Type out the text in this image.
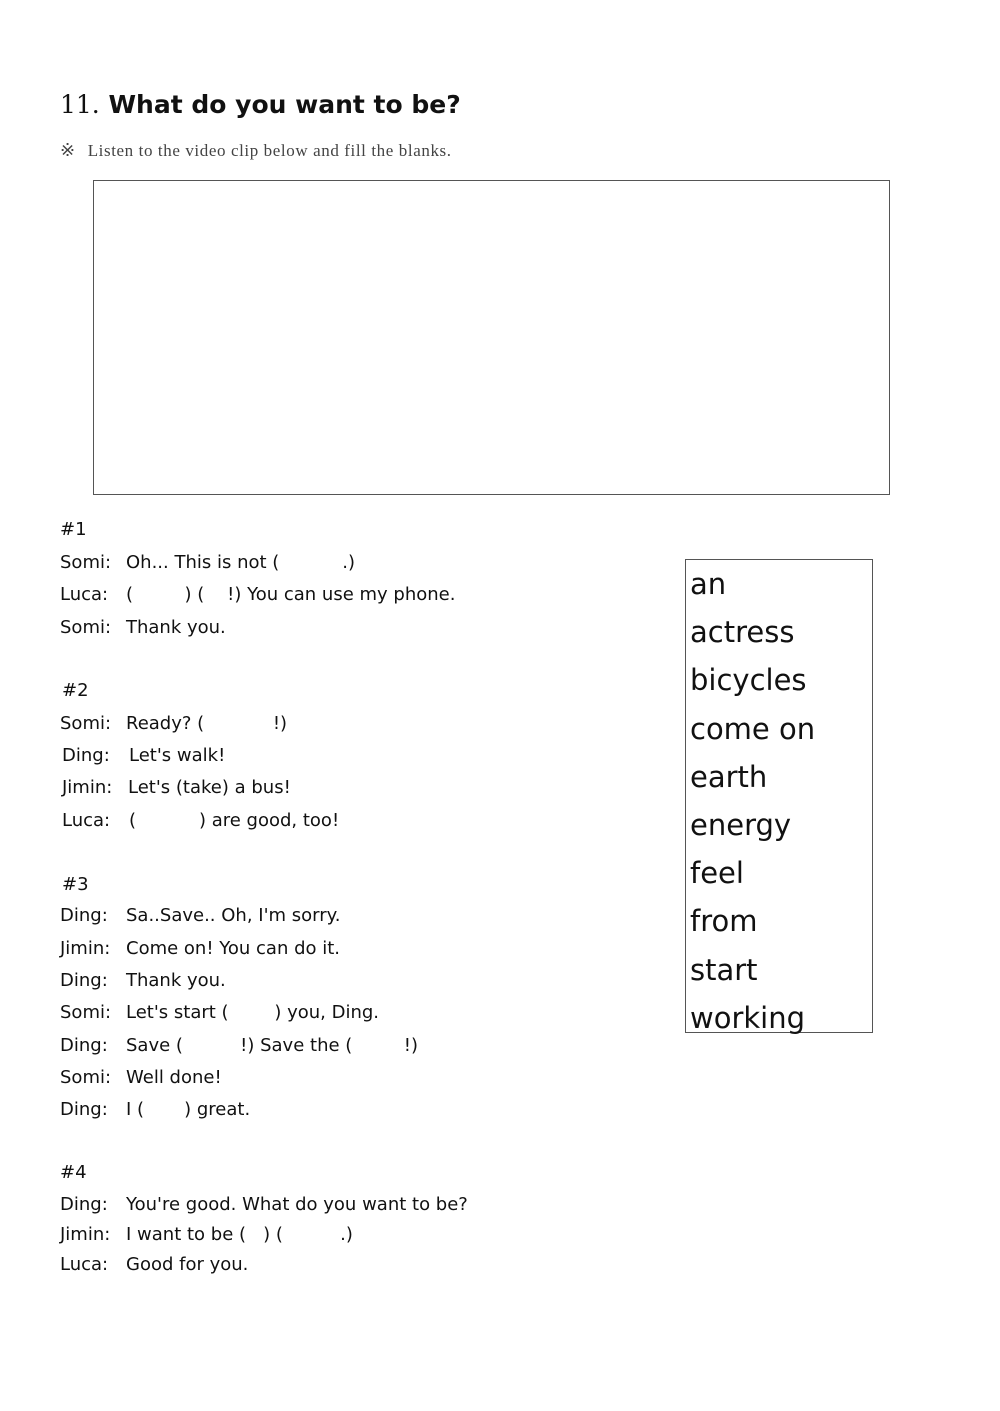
11. What do you want to be?

※ Listen to the video clip below and fill the blanks.

#1

Somi: Oh... This is not (           .)
Luca: (         ) (    !) You can use my phone.
Somi: Thank you.

#2

Somi: Ready? (            !)
Ding: Let's walk!
Jimin: Let's (take) a bus!
Luca: (           ) are good, too!

#3

Ding: Sa..Save.. Oh, I'm sorry.
Jimin: Come on! You can do it.
Ding: Thank you.
Somi: Let's start (        ) you, Ding.
Ding: Save (          !) Save the (         !)
Somi: Well done!
Ding: I (       ) great.

#4

Ding: You're good. What do you want to be?
Jimin: I want to be (   ) (          .)
Luca: Good for you.
an
actress
bicycles
come on
earth
energy
feel
from
start
working
